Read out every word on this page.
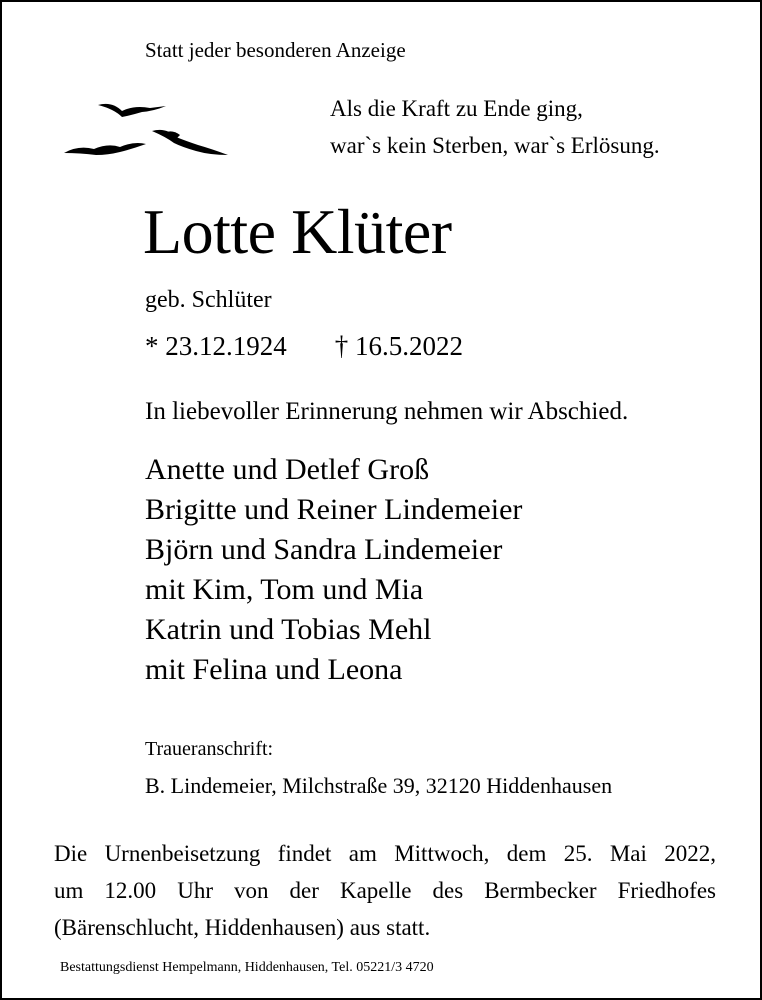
Statt jeder besonderen Anzeige
Als die Kraft zu Ende ging,
war`s kein Sterben, war`s Erlösung.
Lotte Klüter
geb. Schlüter
* 23.12.1924 † 16.5.2022
In liebevoller Erinnerung nehmen wir Abschied.
Anette und Detlef Groß
Brigitte und Reiner Lindemeier
Björn und Sandra Lindemeier
mit Kim, Tom und Mia
Katrin und Tobias Mehl
mit Felina und Leona
Traueranschrift:
B. Lindemeier, Milchstraße 39, 32120 Hiddenhausen
Die Urnenbeisetzung findet am Mittwoch, dem 25. Mai 2022,
um 12.00 Uhr von der Kapelle des Bermbecker Friedhofes
(Bärenschlucht, Hiddenhausen) aus statt.
Bestattungsdienst Hempelmann, Hiddenhausen, Tel. 05221/3 4720
